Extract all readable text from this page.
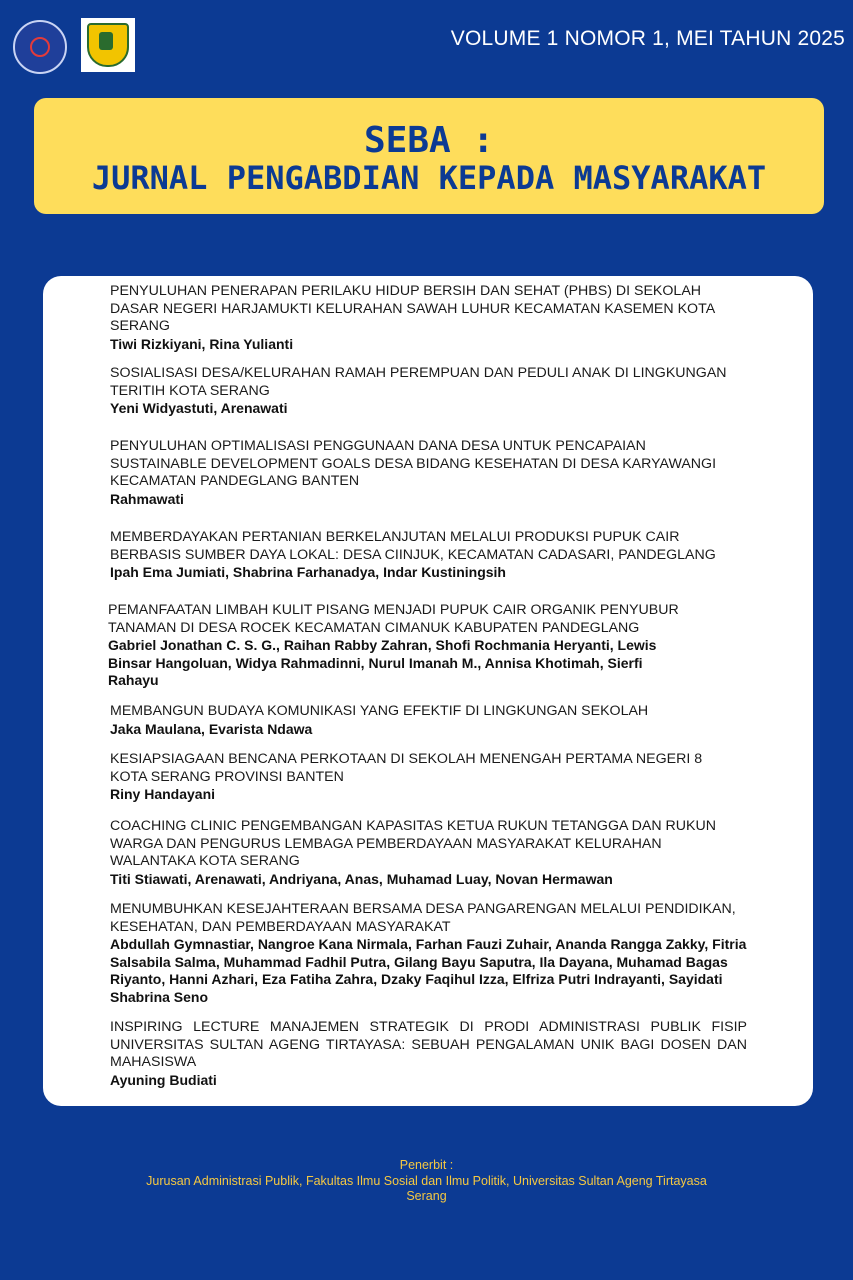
VOLUME 1 NOMOR 1, MEI TAHUN 2025
SEBA :
JURNAL PENGABDIAN KEPADA MASYARAKAT
PENYULUHAN PENERAPAN PERILAKU HIDUP BERSIH DAN SEHAT (PHBS) DI SEKOLAH DASAR NEGERI HARJAMUKTI KELURAHAN SAWAH LUHUR KECAMATAN KASEMEN KOTA SERANG
Tiwi Rizkiyani, Rina Yulianti
SOSIALISASI DESA/KELURAHAN RAMAH PEREMPUAN DAN PEDULI ANAK DI LINGKUNGAN TERITIH KOTA SERANG
Yeni Widyastuti, Arenawati
PENYULUHAN OPTIMALISASI PENGGUNAAN DANA DESA UNTUK PENCAPAIAN SUSTAINABLE DEVELOPMENT GOALS DESA BIDANG KESEHATAN DI DESA KARYAWANGI KECAMATAN PANDEGLANG BANTEN
Rahmawati
MEMBERDAYAKAN PERTANIAN BERKELANJUTAN MELALUI PRODUKSI PUPUK CAIR BERBASIS SUMBER DAYA LOKAL: DESA CIINJUK, KECAMATAN CADASARI, PANDEGLANG
Ipah Ema Jumiati, Shabrina Farhanadya, Indar Kustiningsih
PEMANFAATAN LIMBAH KULIT PISANG MENJADI PUPUK CAIR ORGANIK PENYUBUR TANAMAN DI DESA ROCEK KECAMATAN CIMANUK KABUPATEN PANDEGLANG
Gabriel Jonathan C. S. G., Raihan Rabby Zahran, Shofi Rochmania Heryanti, Lewis Binsar Hangoluan, Widya Rahmadinni, Nurul Imanah M., Annisa Khotimah, Sierfi Rahayu
MEMBANGUN BUDAYA KOMUNIKASI YANG EFEKTIF DI LINGKUNGAN SEKOLAH
Jaka Maulana, Evarista Ndawa
KESIAPSIAGAAN BENCANA PERKOTAAN DI SEKOLAH MENENGAH PERTAMA NEGERI 8 KOTA SERANG PROVINSI BANTEN
Riny Handayani
COACHING CLINIC PENGEMBANGAN KAPASITAS KETUA RUKUN TETANGGA DAN RUKUN WARGA DAN PENGURUS LEMBAGA PEMBERDAYAAN MASYARAKAT KELURAHAN WALANTAKA KOTA SERANG
Titi Stiawati, Arenawati, Andriyana, Anas, Muhamad Luay, Novan Hermawan
MENUMBUHKAN KESEJAHTERAAN BERSAMA DESA PANGARENGAN MELALUI PENDIDIKAN, KESEHATAN, DAN PEMBERDAYAAN MASYARAKAT
Abdullah Gymnastiar, Nangroe Kana Nirmala, Farhan Fauzi Zuhair, Ananda Rangga Zakky, Fitria Salsabila Salma, Muhammad Fadhil Putra, Gilang Bayu Saputra, Ila Dayana, Muhamad Bagas Riyanto, Hanni Azhari, Eza Fatiha Zahra, Dzaky Faqihul Izza, Elfriza Putri Indrayanti, Sayidati Shabrina Seno
INSPIRING LECTURE MANAJEMEN STRATEGIK DI PRODI ADMINISTRASI PUBLIK FISIP UNIVERSITAS SULTAN AGENG TIRTAYASA: SEBUAH PENGALAMAN UNIK BAGI DOSEN DAN MAHASISWA
Ayuning Budiati
Penerbit :
Jurusan Administrasi Publik, Fakultas Ilmu Sosial dan Ilmu Politik, Universitas Sultan Ageng Tirtayasa
Serang
